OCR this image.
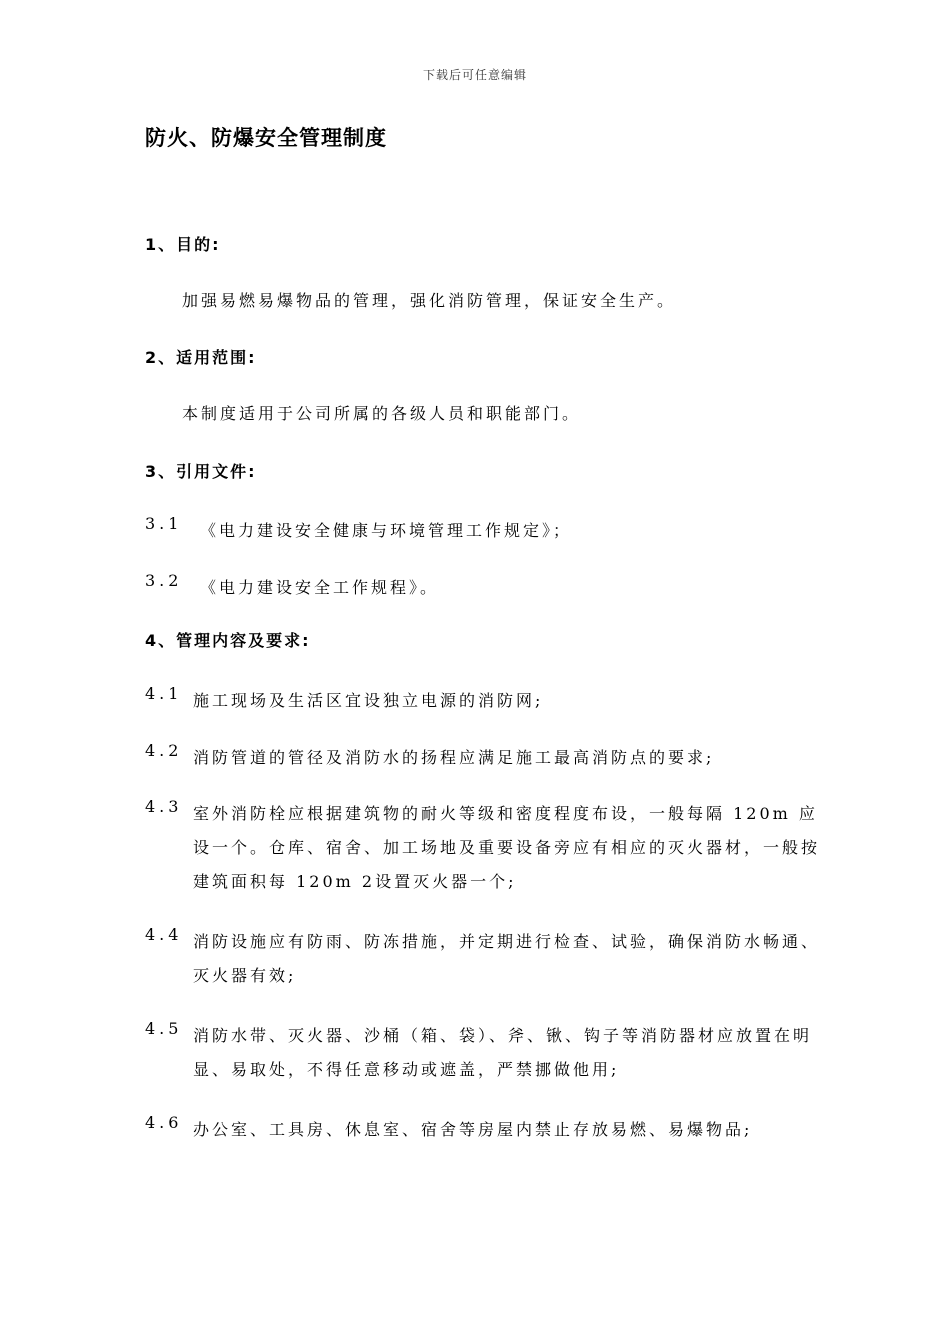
下载后可任意编辑
防火、防爆安全管理制度
1、目的:
加强易燃易爆物品的管理，强化消防管理，保证安全生产。
2、适用范围:
本制度适用于公司所属的各级人员和职能部门。
3、引用文件:
3.1 《电力建设安全健康与环境管理工作规定》；
3.2 《电力建设安全工作规程》。
4、管理内容及要求:
4.1 施工现场及生活区宜设独立电源的消防网;
4.2 消防管道的管径及消防水的扬程应满足施工最高消防点的要求;
4.3 室外消防栓应根据建筑物的耐火等级和密度程度布设，一般每隔 120m 应设一个。仓库、宿舍、加工场地及重要设备旁应有相应的灭火器材，一般按建筑面积每 120m 2设置灭火器一个;
4.4 消防设施应有防雨、防冻措施，并定期进行检查、试验，确保消防水畅通、灭火器有效;
4.5 消防水带、灭火器、沙桶（箱、袋）、斧、锹、钩子等消防器材应放置在明显、易取处，不得任意移动或遮盖，严禁挪做他用;
4.6 办公室、工具房、休息室、宿舍等房屋内禁止存放易燃、易爆物品;
